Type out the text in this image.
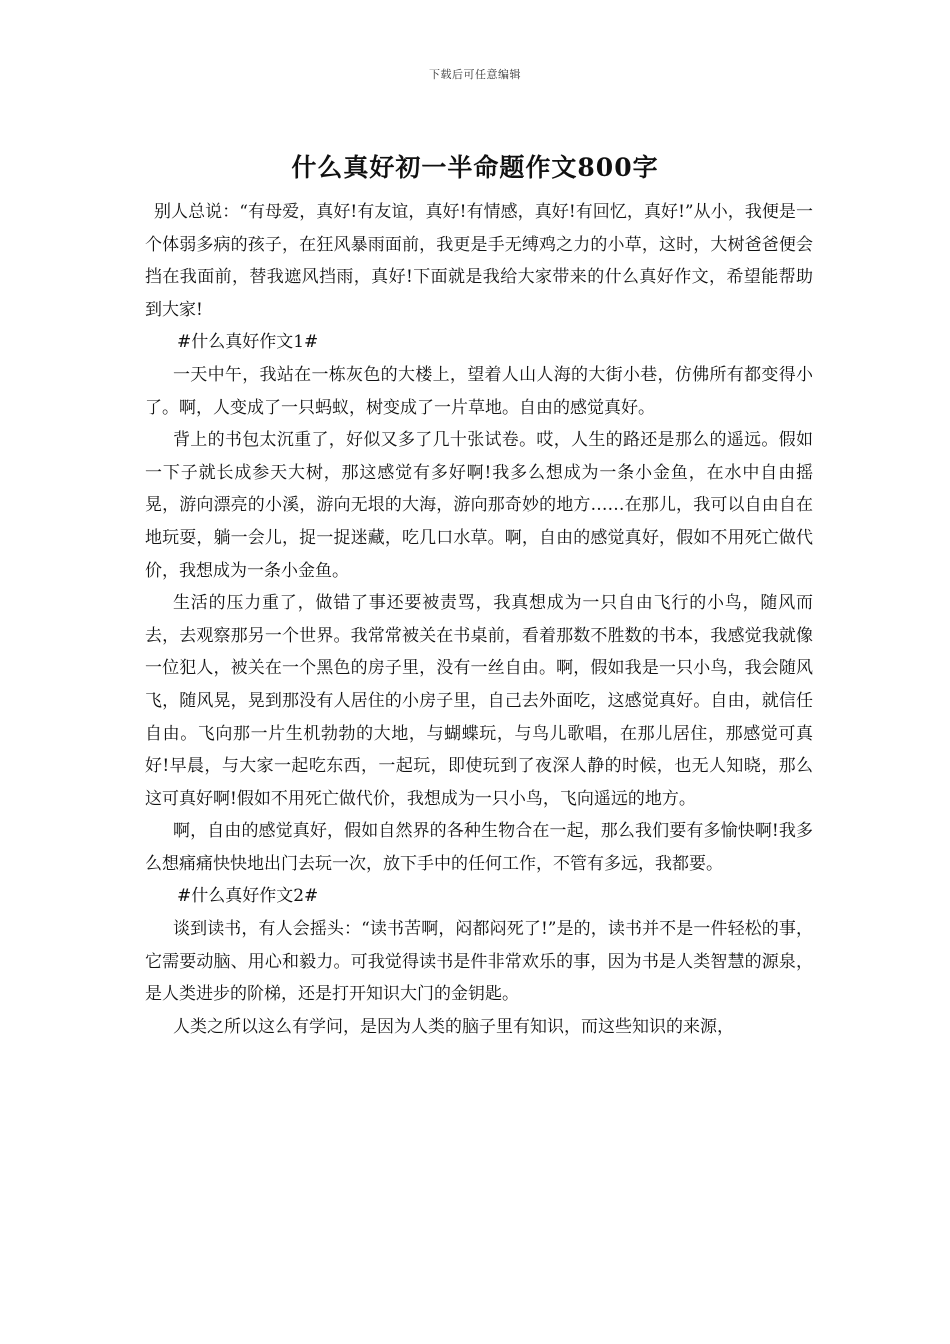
下载后可任意编辑
什么真好初一半命题作文800字

别人总说：“有母爱，真好!有友谊，真好!有情感，真好!有回忆，真好!”从小，我便是一个体弱多病的孩子，在狂风暴雨面前，我更是手无缚鸡之力的小草，这时，大树爸爸便会挡在我面前，替我遮风挡雨，真好!下面就是我给大家带来的什么真好作文，希望能帮助到大家!

#什么真好作文1#

一天中午，我站在一栋灰色的大楼上，望着人山人海的大街小巷，仿佛所有都变得小了。啊，人变成了一只蚂蚁，树变成了一片草地。自由的感觉真好。

背上的书包太沉重了，好似又多了几十张试卷。哎，人生的路还是那么的遥远。假如一下子就长成参天大树，那这感觉有多好啊!我多么想成为一条小金鱼，在水中自由摇晃，游向漂亮的小溪，游向无垠的大海，游向那奇妙的地方……在那儿，我可以自由自在地玩耍，躺一会儿，捉一捉迷藏，吃几口水草。啊，自由的感觉真好，假如不用死亡做代价，我想成为一条小金鱼。

生活的压力重了，做错了事还要被责骂，我真想成为一只自由飞行的小鸟，随风而去，去观察那另一个世界。我常常被关在书桌前，看着那数不胜数的书本，我感觉我就像一位犯人，被关在一个黑色的房子里，没有一丝自由。啊，假如我是一只小鸟，我会随风飞，随风晃，晃到那没有人居住的小房子里，自己去外面吃，这感觉真好。自由，就信任自由。飞向那一片生机勃勃的大地，与蝴蝶玩，与鸟儿歌唱，在那儿居住，那感觉可真好!早晨，与大家一起吃东西，一起玩，即使玩到了夜深人静的时候，也无人知晓，那么这可真好啊!假如不用死亡做代价，我想成为一只小鸟，飞向遥远的地方。

啊，自由的感觉真好，假如自然界的各种生物合在一起，那么我们要有多愉快啊!我多么想痛痛快快地出门去玩一次，放下手中的任何工作，不管有多远，我都要。

#什么真好作文2#

谈到读书，有人会摇头：“读书苦啊，闷都闷死了!”是的，读书并不是一件轻松的事，它需要动脑、用心和毅力。可我觉得读书是件非常欢乐的事，因为书是人类智慧的源泉，是人类进步的阶梯，还是打开知识大门的金钥匙。

人类之所以这么有学问，是因为人类的脑子里有知识，而这些知识的来源，
